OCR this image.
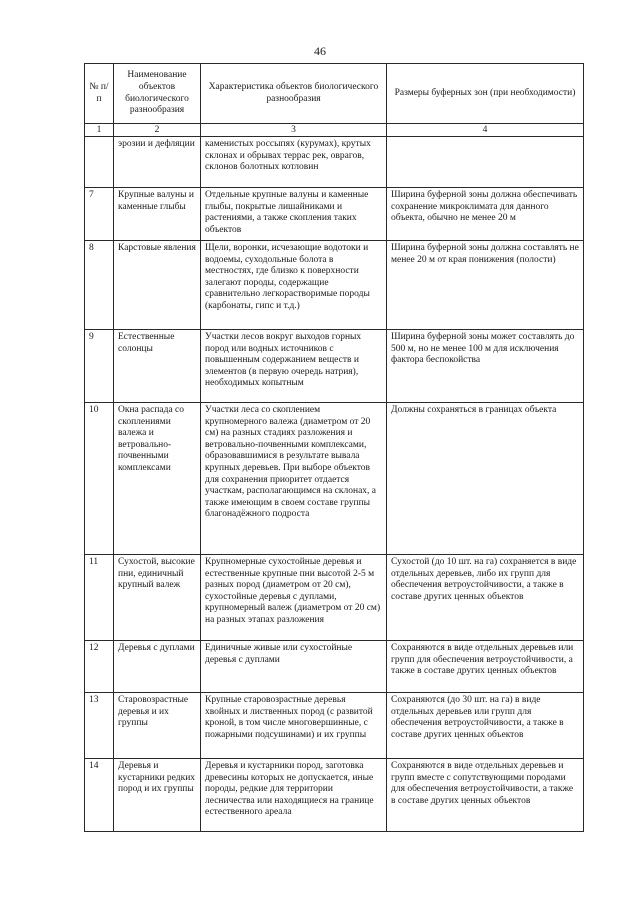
46
№ п/п	Наименование объектов биологического разнообразия	Характеристика объектов биологического разнообразия	Размеры буферных зон (при необходимости)
1	2	3	4
	эрозии и дефляции	каменистых россыпях (курумах), крутых склонах и обрывах террас рек, оврагов, склонов болотных котловин	
7	Крупные валуны и каменные глыбы	Отдельные крупные валуны и каменные глыбы, покрытые лишайниками и растениями, а также скопления таких объектов	Ширина буферной зоны должна обеспечивать сохранение микроклимата для данного объекта, обычно не менее 20 м
8	Карстовые явления	Щели, воронки, исчезающие водотоки и водоемы, суходольные болота в местностях, где близко к поверхности залегают породы, содержащие сравнительно легкорастворимые породы (карбонаты, гипс и т.д.)	Ширина буферной зоны должна составлять не менее 20 м от края понижения (полости)
9	Естественные солонцы	Участки лесов вокруг выходов горных пород или водных источников с повышенным содержанием веществ и элементов (в первую очередь натрия), необходимых копытным	Ширина буферной зоны может составлять до 500 м, но не менее 100 м для исключения фактора беспокойства
10	Окна распада со скоплениями валежа и ветровально-почвенными комплексами	Участки леса со скоплением крупномерного валежа (диаметром от 20 см) на разных стадиях разложения и ветровально-почвенными комплексами, образовавшимися в результате вывала крупных деревьев. При выборе объектов для сохранения приоритет отдается участкам, располагающимся на склонах, а также имеющим в своем составе группы благонадёжного подроста	Должны сохраняться в границах объекта
11	Сухостой, высокие пни, единичный крупный валеж	Крупномерные сухостойные деревья и естественные крупные пни высотой 2-5 м разных пород (диаметром от 20 см), сухостойные деревья с дуплами, крупномерный валеж (диаметром от 20 см) на разных этапах разложения	Сухостой (до 10 шт. на га) сохраняется в виде отдельных деревьев, либо их групп для обеспечения ветроустойчивости, а также в составе других ценных объектов
12	Деревья с дуплами	Единичные живые или сухостойные деревья с дуплами	Сохраняются в виде отдельных деревьев или групп для обеспечения ветроустойчивости, а также в составе других ценных объектов
13	Старовозрастные деревья и их группы	Крупные старовозрастные деревья хвойных и лиственных пород (с развитой кроной, в том числе многовершинные, с пожарными подсушинами) и их группы	Сохраняются (до 30 шт. на га) в виде отдельных деревьев или групп для обеспечения ветроустойчивости, а также в составе других ценных объектов
14	Деревья и кустарники редких пород и их группы	Деревья и кустарники пород, заготовка древесины которых не допускается, иные породы, редкие для территории лесничества или находящиеся на границе естественного ареала	Сохраняются в виде отдельных деревьев и групп вместе с сопутствующими породами для обеспечения ветроустойчивости, а также в составе других ценных объектов
